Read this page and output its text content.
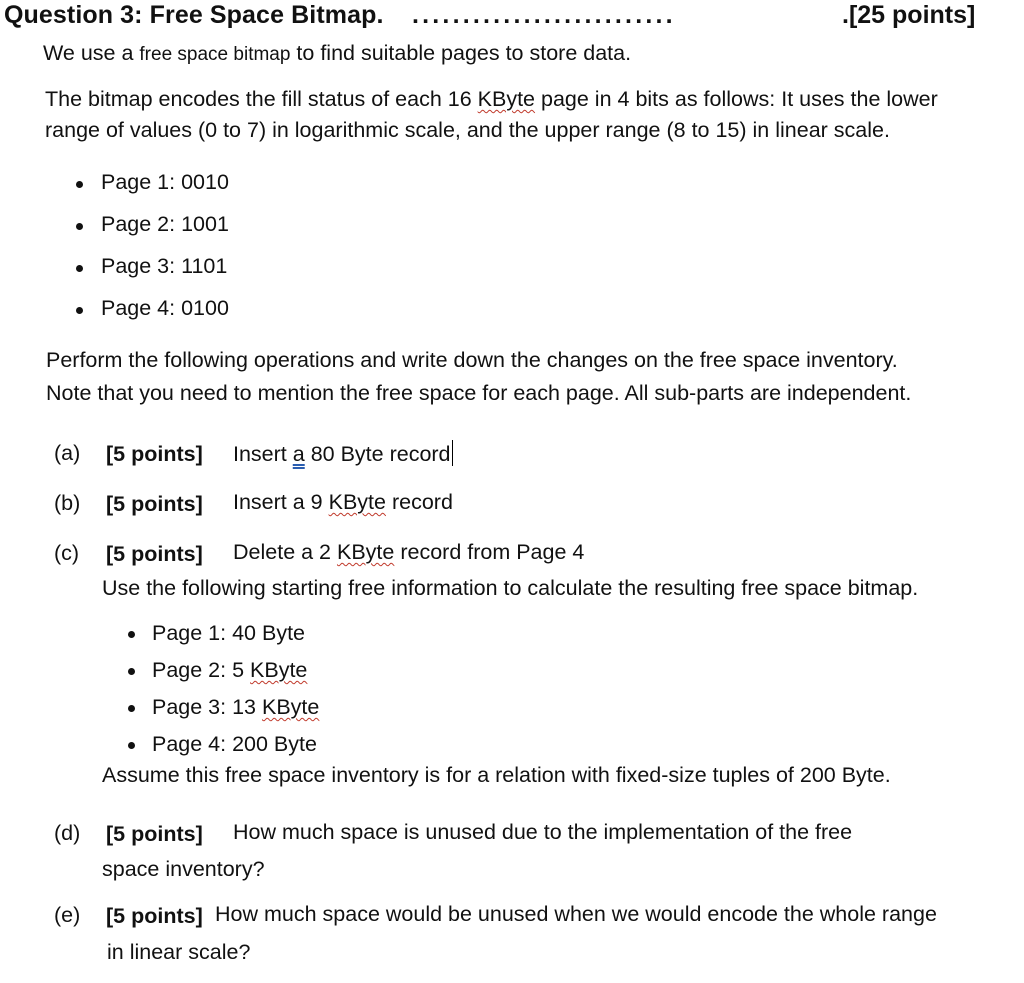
Question 3: Free Space Bitmap. ..........................	.[25 points]
We use a free space bitmap to find suitable pages to store data.
The bitmap encodes the fill status of each 16 KByte page in 4 bits as follows: It uses the lower
range of values (0 to 7) in logarithmic scale, and the upper range (8 to 15) in linear scale.
Page 1: 0010
Page 2: 1001
Page 3: 1101
Page 4: 0100
Perform the following operations and write down the changes on the free space inventory.
Note that you need to mention the free space for each page. All sub-parts are independent.
(a) [5 points] Insert a 80 Byte record
(b) [5 points] Insert a 9 KByte record
(c) [5 points] Delete a 2 KByte record from Page 4
Use the following starting free information to calculate the resulting free space bitmap.
Page 1: 40 Byte
Page 2: 5 KByte
Page 3: 13 KByte
Page 4: 200 Byte
Assume this free space inventory is for a relation with fixed-size tuples of 200 Byte.
(d) [5 points] How much space is unused due to the implementation of the free
space inventory?
(e) [5 points] How much space would be unused when we would encode the whole range
in linear scale?
